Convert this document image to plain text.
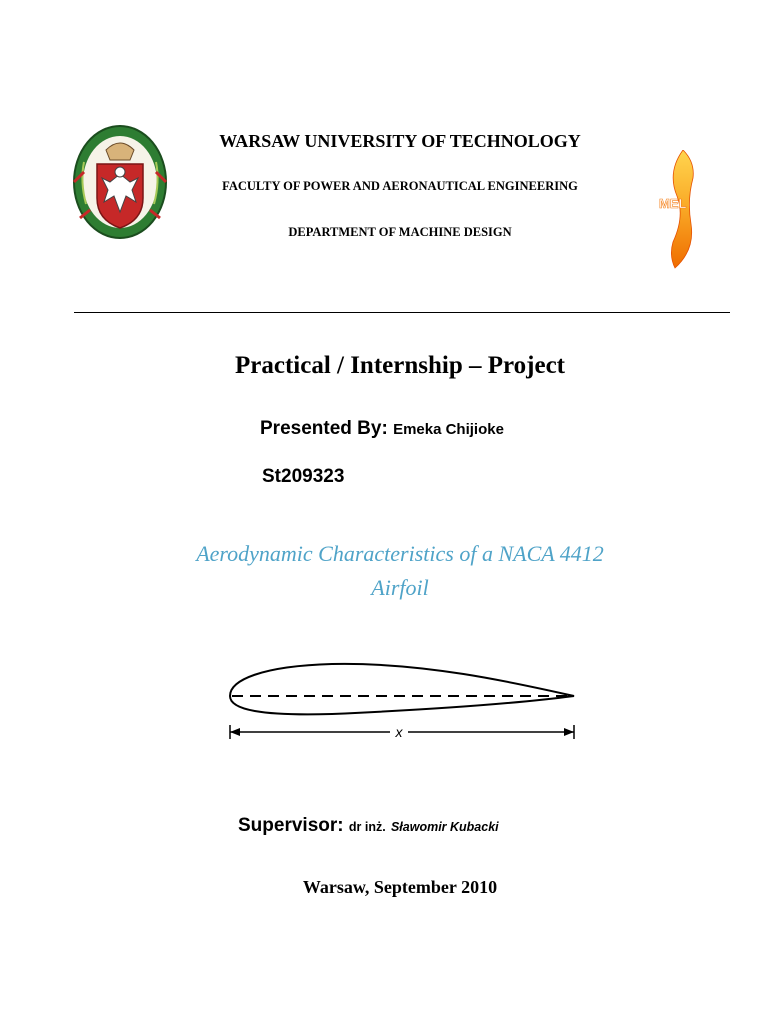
MEL
WARSAW UNIVERSITY OF TECHNOLOGY
FACULTY OF POWER AND AERONAUTICAL ENGINEERING
DEPARTMENT OF MACHINE DESIGN
Practical / Internship – Project
Presented By: Emeka Chijioke
St209323
Aerodynamic Characteristics of a NACA 4412
Airfoil
x
Supervisor: dr inż. Sławomir Kubacki
Warsaw, September 2010
